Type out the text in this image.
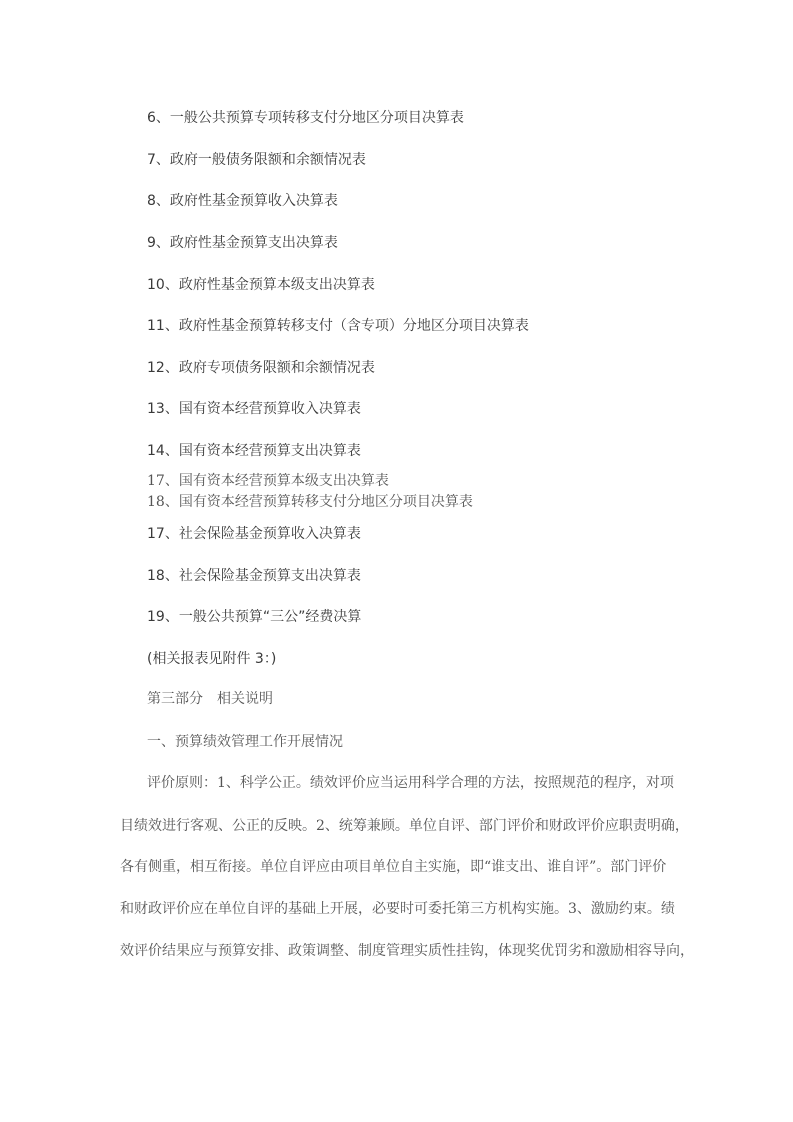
6、一般公共预算专项转移支付分地区分项目决算表
7、政府一般债务限额和余额情况表
8、政府性基金预算收入决算表
9、政府性基金预算支出决算表
10、政府性基金预算本级支出决算表
11、政府性基金预算转移支付（含专项）分地区分项目决算表
12、政府专项债务限额和余额情况表
13、国有资本经营预算收入决算表
14、国有资本经营预算支出决算表
17、国有资本经营预算本级支出决算表
18、国有资本经营预算转移支付分地区分项目决算表
17、社会保险基金预算收入决算表
18、社会保险基金预算支出决算表
19、一般公共预算“三公”经费决算
(相关报表见附件 3：)
第三部分　相关说明
一、预算绩效管理工作开展情况
评价原则：1、科学公正。绩效评价应当运用科学合理的方法，按照规范的程序，对项
目绩效进行客观、公正的反映。2、统筹兼顾。单位自评、部门评价和财政评价应职责明确，
各有侧重，相互衔接。单位自评应由项目单位自主实施，即“谁支出、谁自评”。部门评价
和财政评价应在单位自评的基础上开展，必要时可委托第三方机构实施。3、激励约束。绩
效评价结果应与预算安排、政策调整、制度管理实质性挂钩，体现奖优罚劣和激励相容导向，
